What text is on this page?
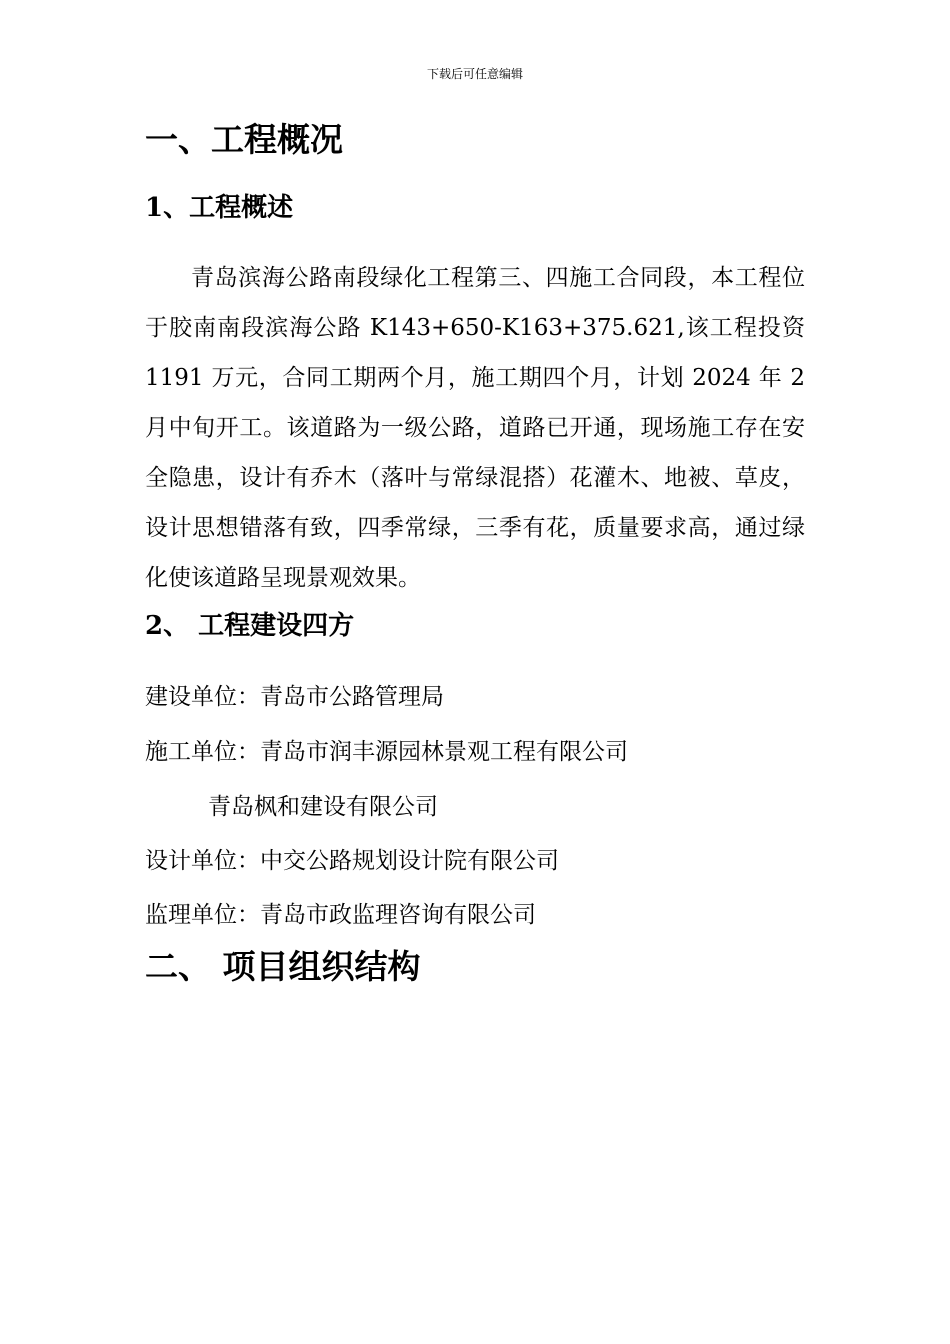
下载后可任意编辑
一、工程概况
1、工程概述
青岛滨海公路南段绿化工程第三、四施工合同段，本工程位于胶南南段滨海公路 K143+650-K163+375.621,该工程投资 1191 万元，合同工期两个月，施工期四个月，计划 2024 年 2 月中旬开工。该道路为一级公路，道路已开通，现场施工存在安全隐患，设计有乔木（落叶与常绿混搭）花灌木、地被、草皮，设计思想错落有致，四季常绿，三季有花，质量要求高，通过绿化使该道路呈现景观效果。
2、 工程建设四方
建设单位：青岛市公路管理局
施工单位：青岛市润丰源园林景观工程有限公司
青岛枫和建设有限公司
设计单位：中交公路规划设计院有限公司
监理单位：青岛市政监理咨询有限公司
二、 项目组织结构
